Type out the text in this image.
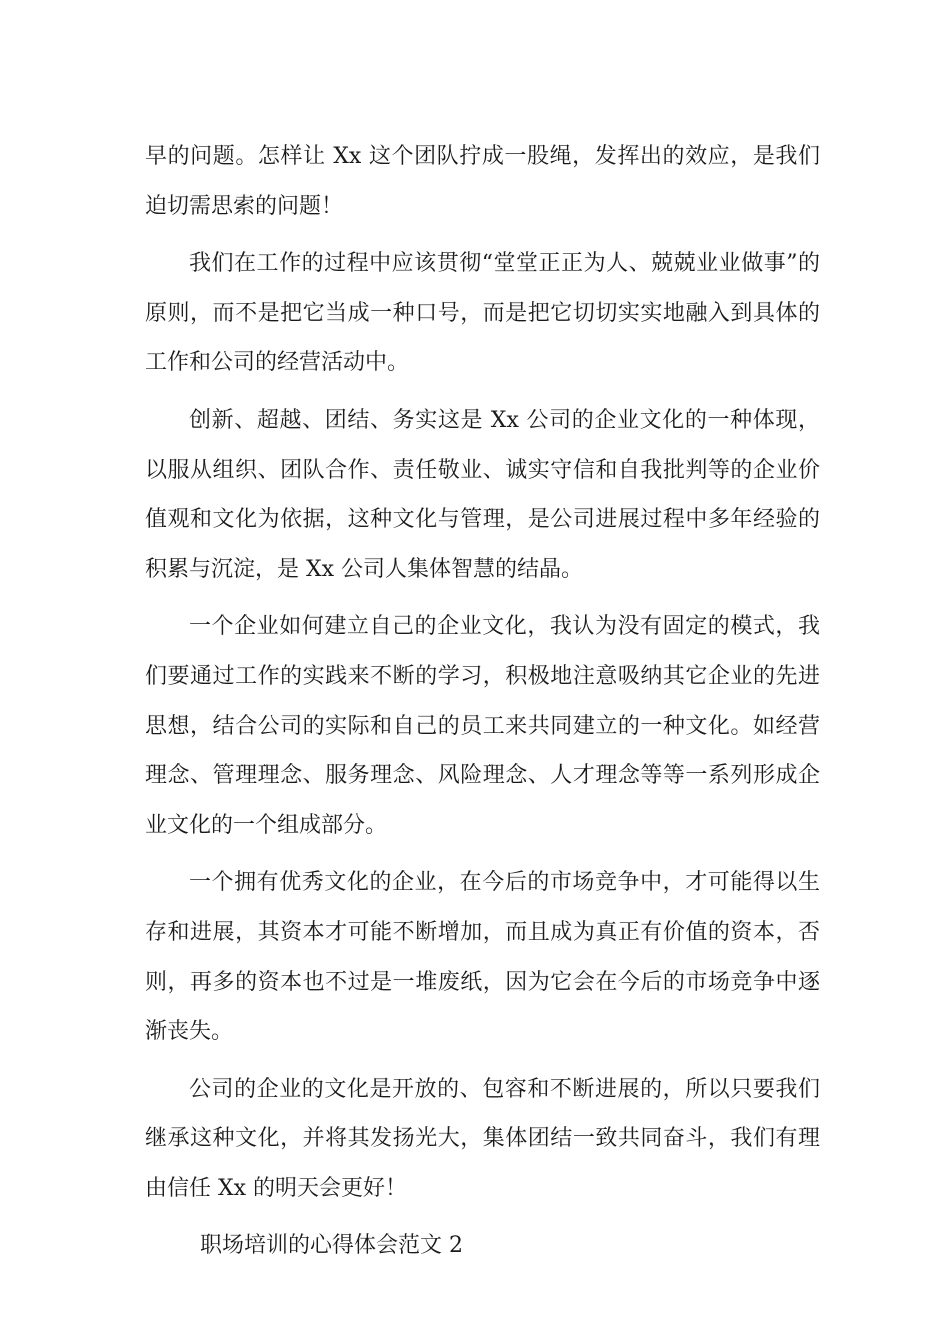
早的问题。怎样让 Xx 这个团队拧成一股绳，发挥出的效应，是我们迫切需思索的问题！

我们在工作的过程中应该贯彻“堂堂正正为人、兢兢业业做事”的原则，而不是把它当成一种口号，而是把它切切实实地融入到具体的工作和公司的经营活动中。

创新、超越、团结、务实这是 Xx 公司的企业文化的一种体现，以服从组织、团队合作、责任敬业、诚实守信和自我批判等的企业价值观和文化为依据，这种文化与管理，是公司进展过程中多年经验的积累与沉淀，是 Xx 公司人集体智慧的结晶。

一个企业如何建立自己的企业文化，我认为没有固定的模式，我们要通过工作的实践来不断的学习，积极地注意吸纳其它企业的先进思想，结合公司的实际和自己的员工来共同建立的一种文化。如经营理念、管理理念、服务理念、风险理念、人才理念等等一系列形成企业文化的一个组成部分。

一个拥有优秀文化的企业，在今后的市场竞争中，才可能得以生存和进展，其资本才可能不断增加，而且成为真正有价值的资本，否则，再多的资本也不过是一堆废纸，因为它会在今后的市场竞争中逐渐丧失。

公司的企业的文化是开放的、包容和不断进展的，所以只要我们继承这种文化，并将其发扬光大，集体团结一致共同奋斗，我们有理由信任 Xx 的明天会更好！

职场培训的心得体会范文 2
